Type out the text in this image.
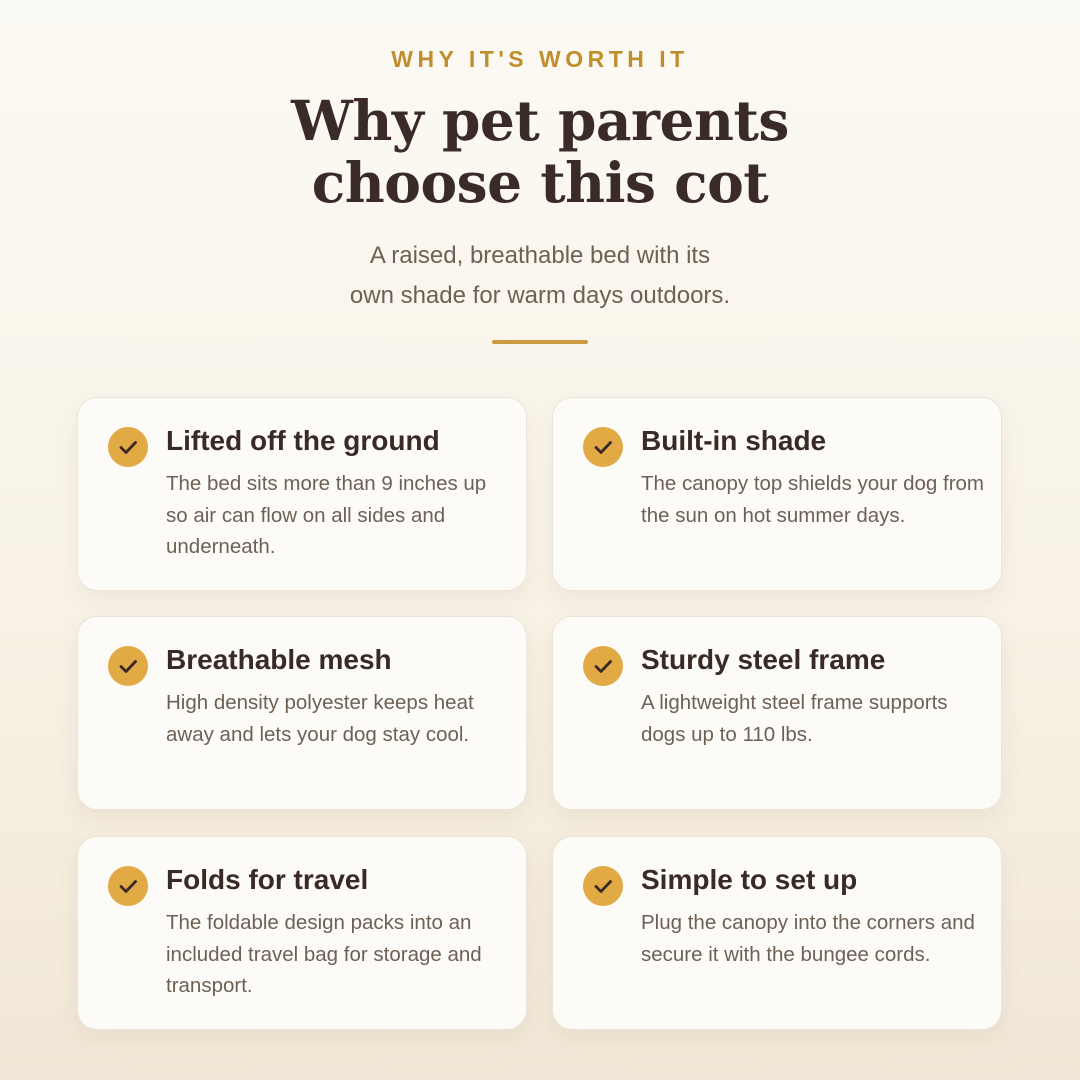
WHY IT'S WORTH IT
Why pet parents
choose this cot
A raised, breathable bed with its
own shade for warm days outdoors.
Lifted off the ground
The bed sits more than 9 inches up so air can flow on all sides and underneath.
Built-in shade
The canopy top shields your dog from the sun on hot summer days.
Breathable mesh
High density polyester keeps heat away and lets your dog stay cool.
Sturdy steel frame
A lightweight steel frame supports dogs up to 110 lbs.
Folds for travel
The foldable design packs into an included travel bag for storage and transport.
Simple to set up
Plug the canopy into the corners and secure it with the bungee cords.
